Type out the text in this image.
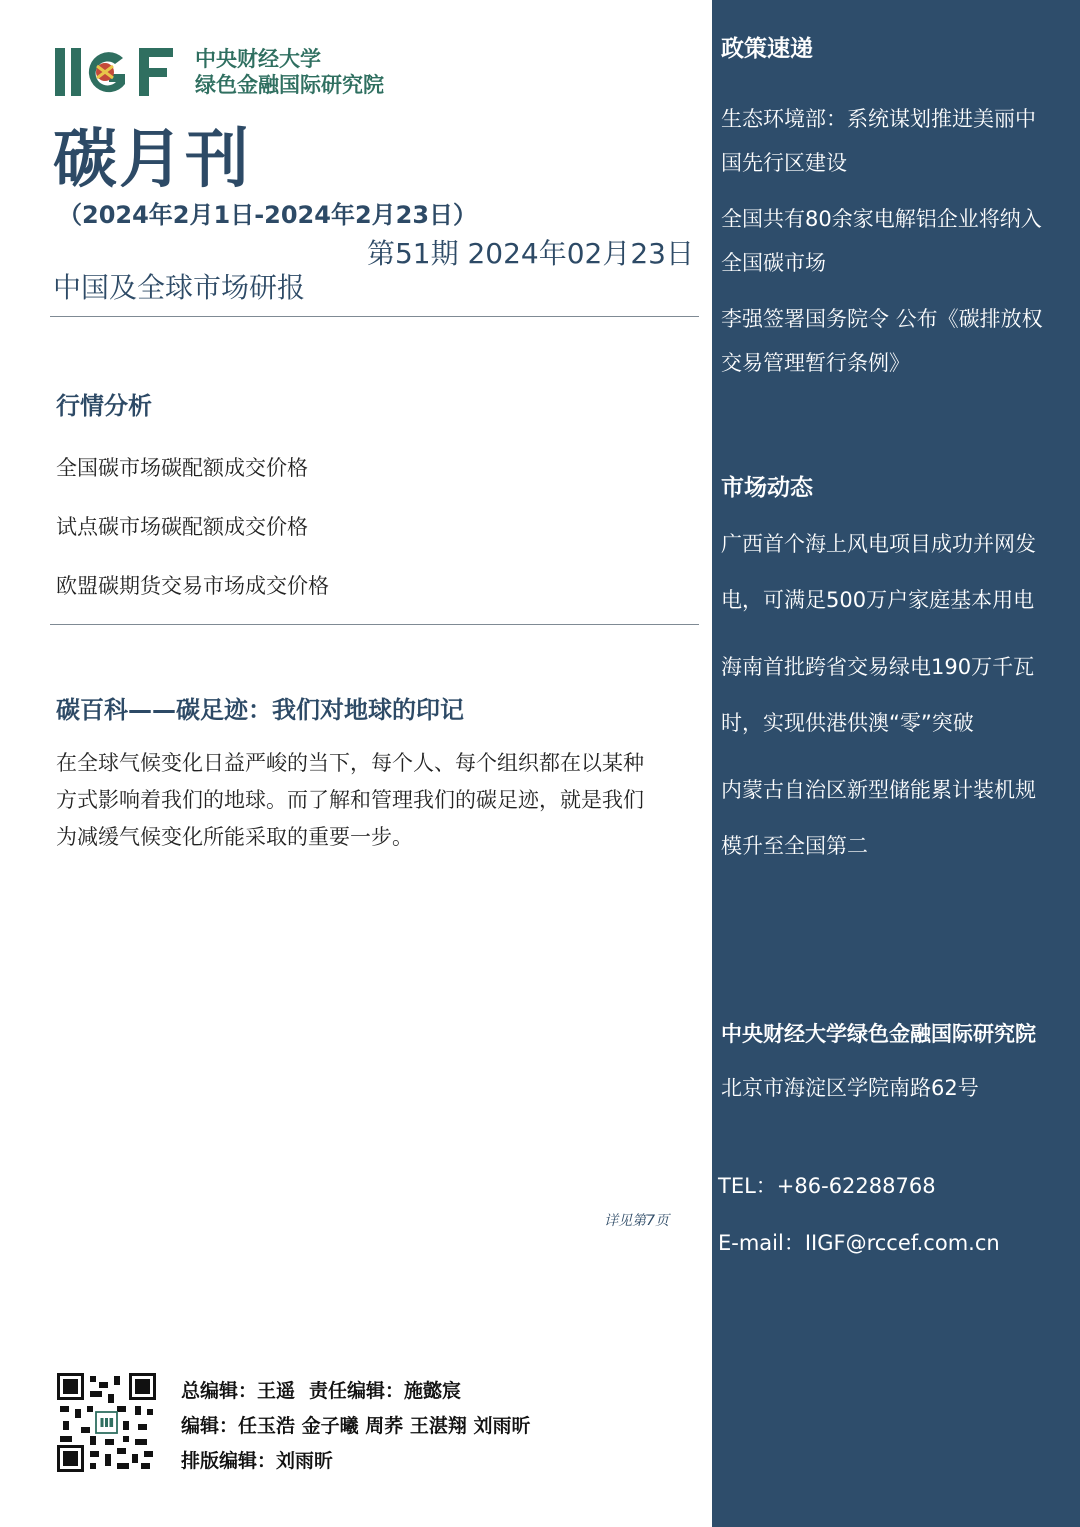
中央财经大学
绿色金融国际研究院
碳月刊
（2024年2月1日-2024年2月23日）
第51期 2024年02月23日
中国及全球市场研报
行情分析
全国碳市场碳配额成交价格
试点碳市场碳配额成交价格
欧盟碳期货交易市场成交价格
碳百科——碳足迹：我们对地球的印记
在全球气候变化日益严峻的当下，每个人、每个组织都在以某种
方式影响着我们的地球。而了解和管理我们的碳足迹，就是我们
为减缓气候变化所能采取的重要一步。
详见第7页
总编辑：王遥 责任编辑：施懿宸
编辑：任玉浩 金子曦 周荞 王湛翔 刘雨昕
排版编辑：刘雨昕
政策速递
生态环境部：系统谋划推进美丽中
国先行区建设
全国共有80余家电解铝企业将纳入
全国碳市场
李强签署国务院令 公布《碳排放权
交易管理暂行条例》
市场动态
广西首个海上风电项目成功并网发
电，可满足500万户家庭基本用电
海南首批跨省交易绿电190万千瓦
时，实现供港供澳“零”突破
内蒙古自治区新型储能累计装机规
模升至全国第二
中央财经大学绿色金融国际研究院
北京市海淀区学院南路62号
TEL：+86-62288768
E-mail：IIGF@rccef.com.cn
